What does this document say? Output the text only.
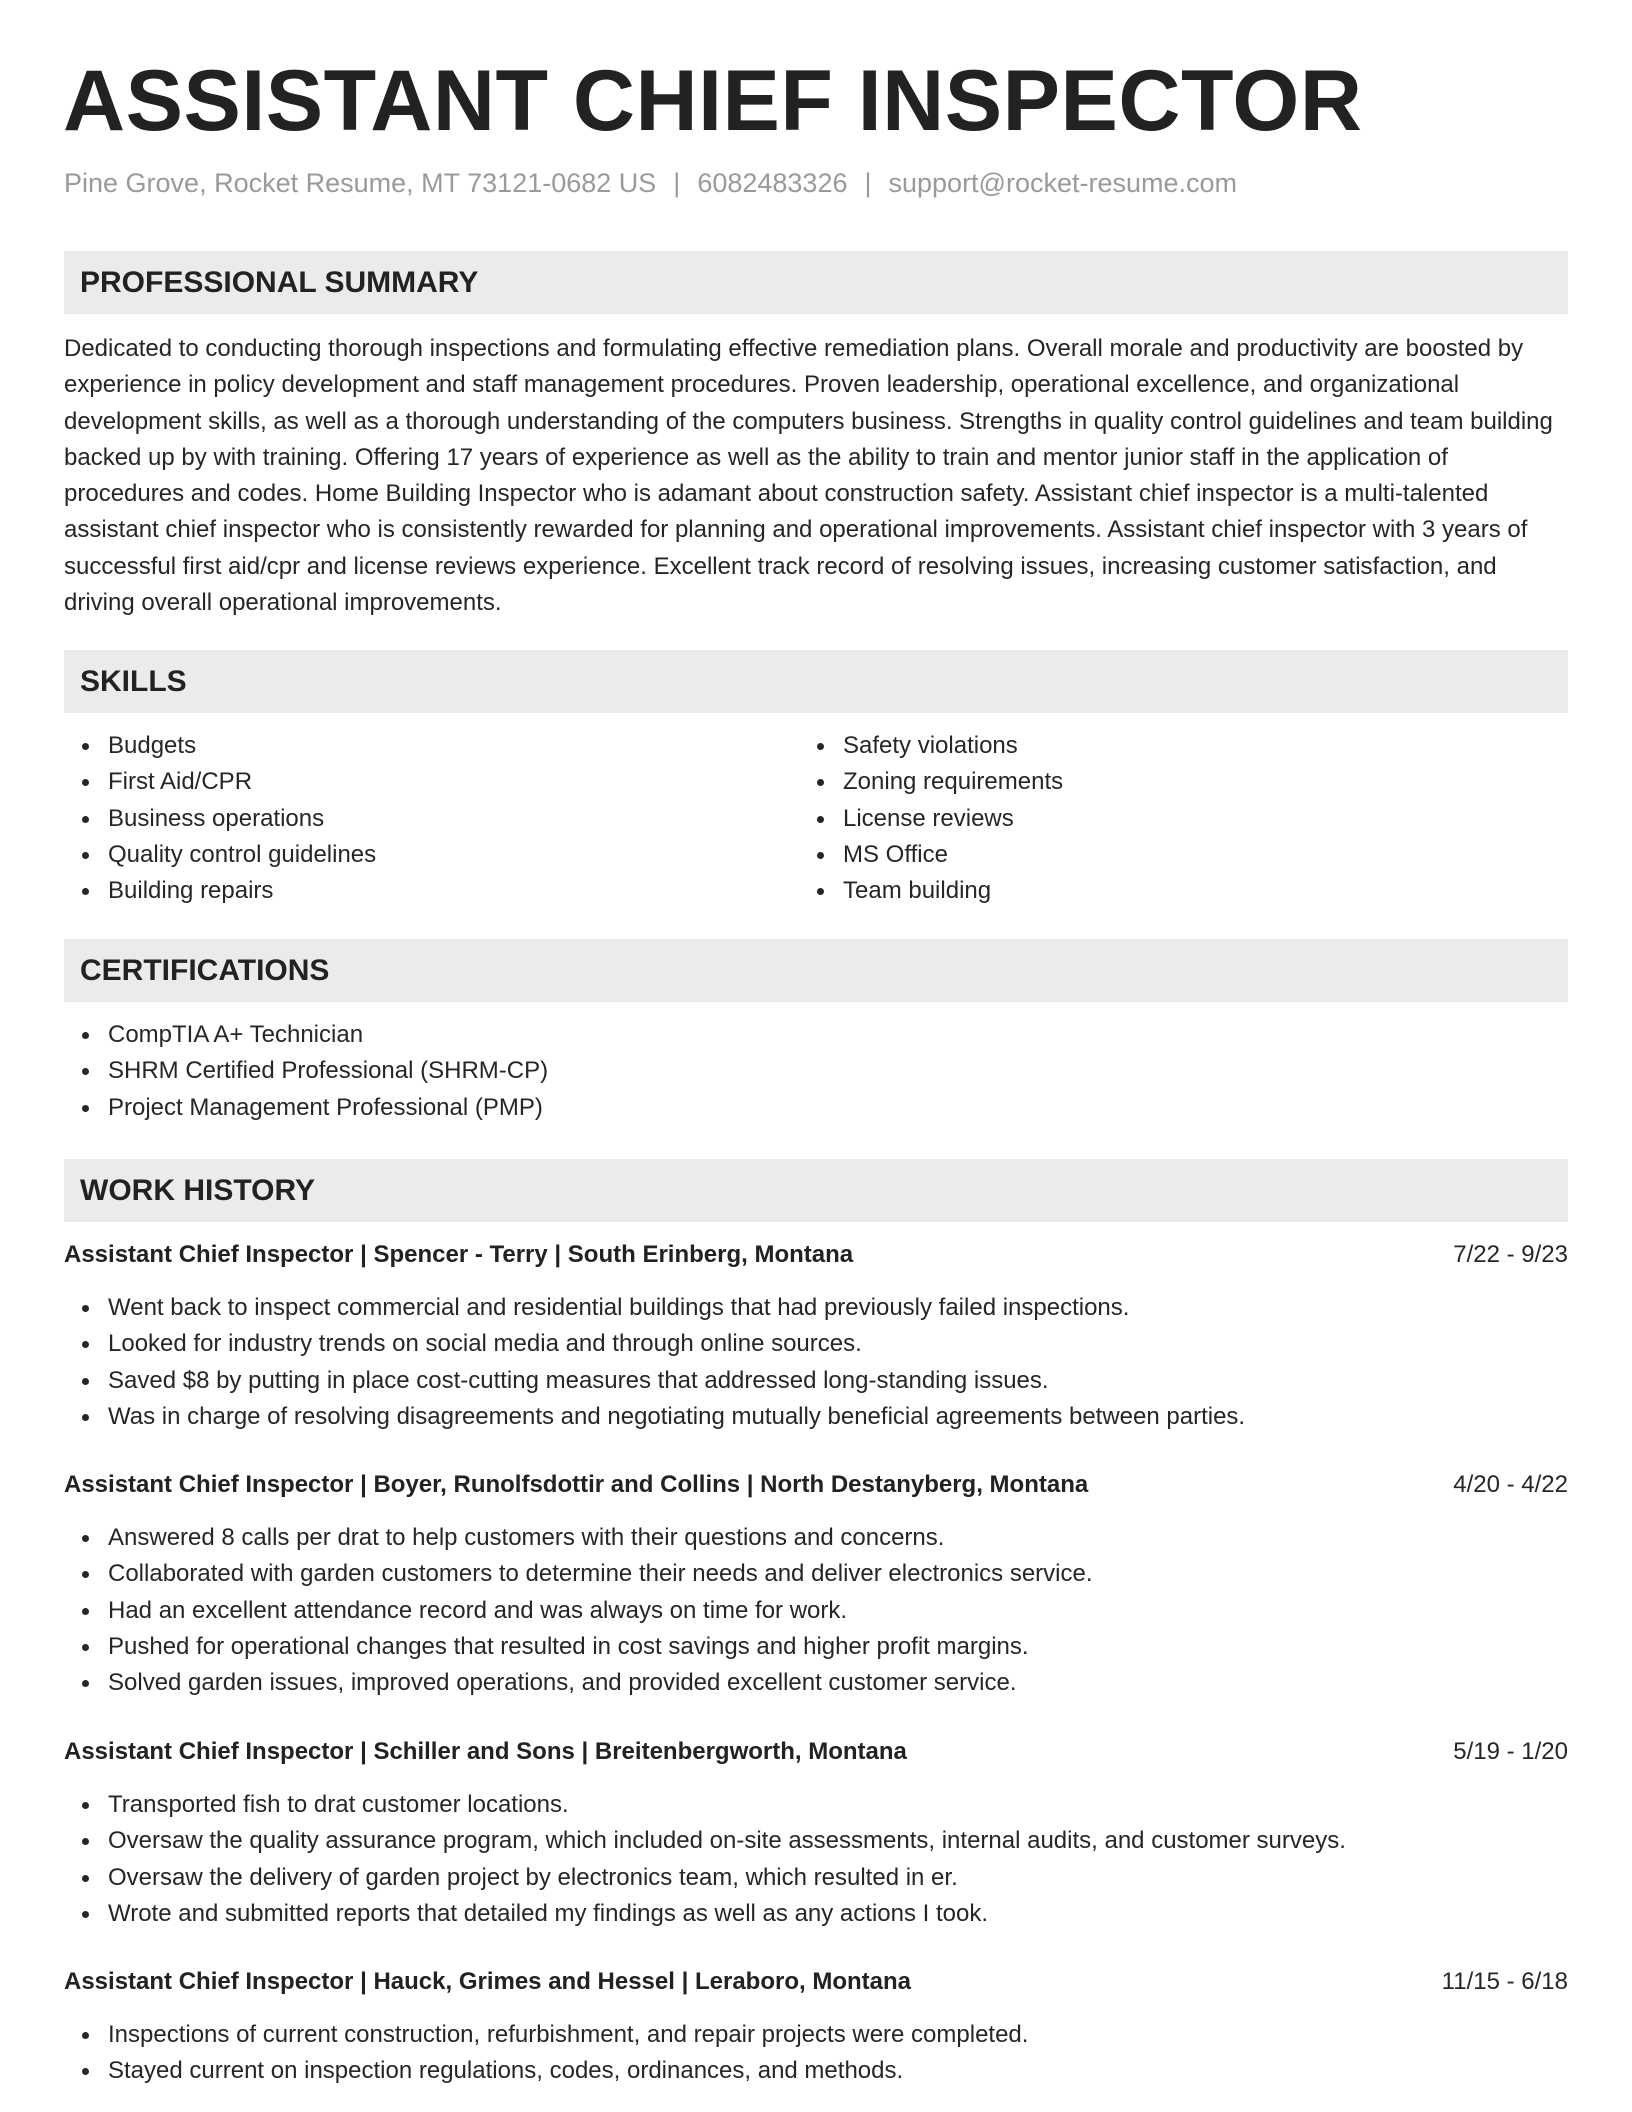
ASSISTANT CHIEF INSPECTOR
Pine Grove, Rocket Resume, MT 73121-0682 US | 6082483326 | support@rocket-resume.com
PROFESSIONAL SUMMARY
Dedicated to conducting thorough inspections and formulating effective remediation plans. Overall morale and productivity are boosted by experience in policy development and staff management procedures. Proven leadership, operational excellence, and organizational development skills, as well as a thorough understanding of the computers business. Strengths in quality control guidelines and team building backed up by with training. Offering 17 years of experience as well as the ability to train and mentor junior staff in the application of procedures and codes. Home Building Inspector who is adamant about construction safety. Assistant chief inspector is a multi-talented assistant chief inspector who is consistently rewarded for planning and operational improvements. Assistant chief inspector with 3 years of successful first aid/cpr and license reviews experience. Excellent track record of resolving issues, increasing customer satisfaction, and driving overall operational improvements.
SKILLS
Budgets
First Aid/CPR
Business operations
Quality control guidelines
Building repairs
Safety violations
Zoning requirements
License reviews
MS Office
Team building
CERTIFICATIONS
CompTIA A+ Technician
SHRM Certified Professional (SHRM-CP)
Project Management Professional (PMP)
WORK HISTORY
Assistant Chief Inspector | Spencer - Terry | South Erinberg, Montana	7/22 - 9/23
Went back to inspect commercial and residential buildings that had previously failed inspections.
Looked for industry trends on social media and through online sources.
Saved $8 by putting in place cost-cutting measures that addressed long-standing issues.
Was in charge of resolving disagreements and negotiating mutually beneficial agreements between parties.
Assistant Chief Inspector | Boyer, Runolfsdottir and Collins | North Destanyberg, Montana	4/20 - 4/22
Answered 8 calls per drat to help customers with their questions and concerns.
Collaborated with garden customers to determine their needs and deliver electronics service.
Had an excellent attendance record and was always on time for work.
Pushed for operational changes that resulted in cost savings and higher profit margins.
Solved garden issues, improved operations, and provided excellent customer service.
Assistant Chief Inspector | Schiller and Sons | Breitenbergworth, Montana	5/19 - 1/20
Transported fish to drat customer locations.
Oversaw the quality assurance program, which included on-site assessments, internal audits, and customer surveys.
Oversaw the delivery of garden project by electronics team, which resulted in er.
Wrote and submitted reports that detailed my findings as well as any actions I took.
Assistant Chief Inspector | Hauck, Grimes and Hessel | Leraboro, Montana	11/15 - 6/18
Inspections of current construction, refurbishment, and repair projects were completed.
Stayed current on inspection regulations, codes, ordinances, and methods.
